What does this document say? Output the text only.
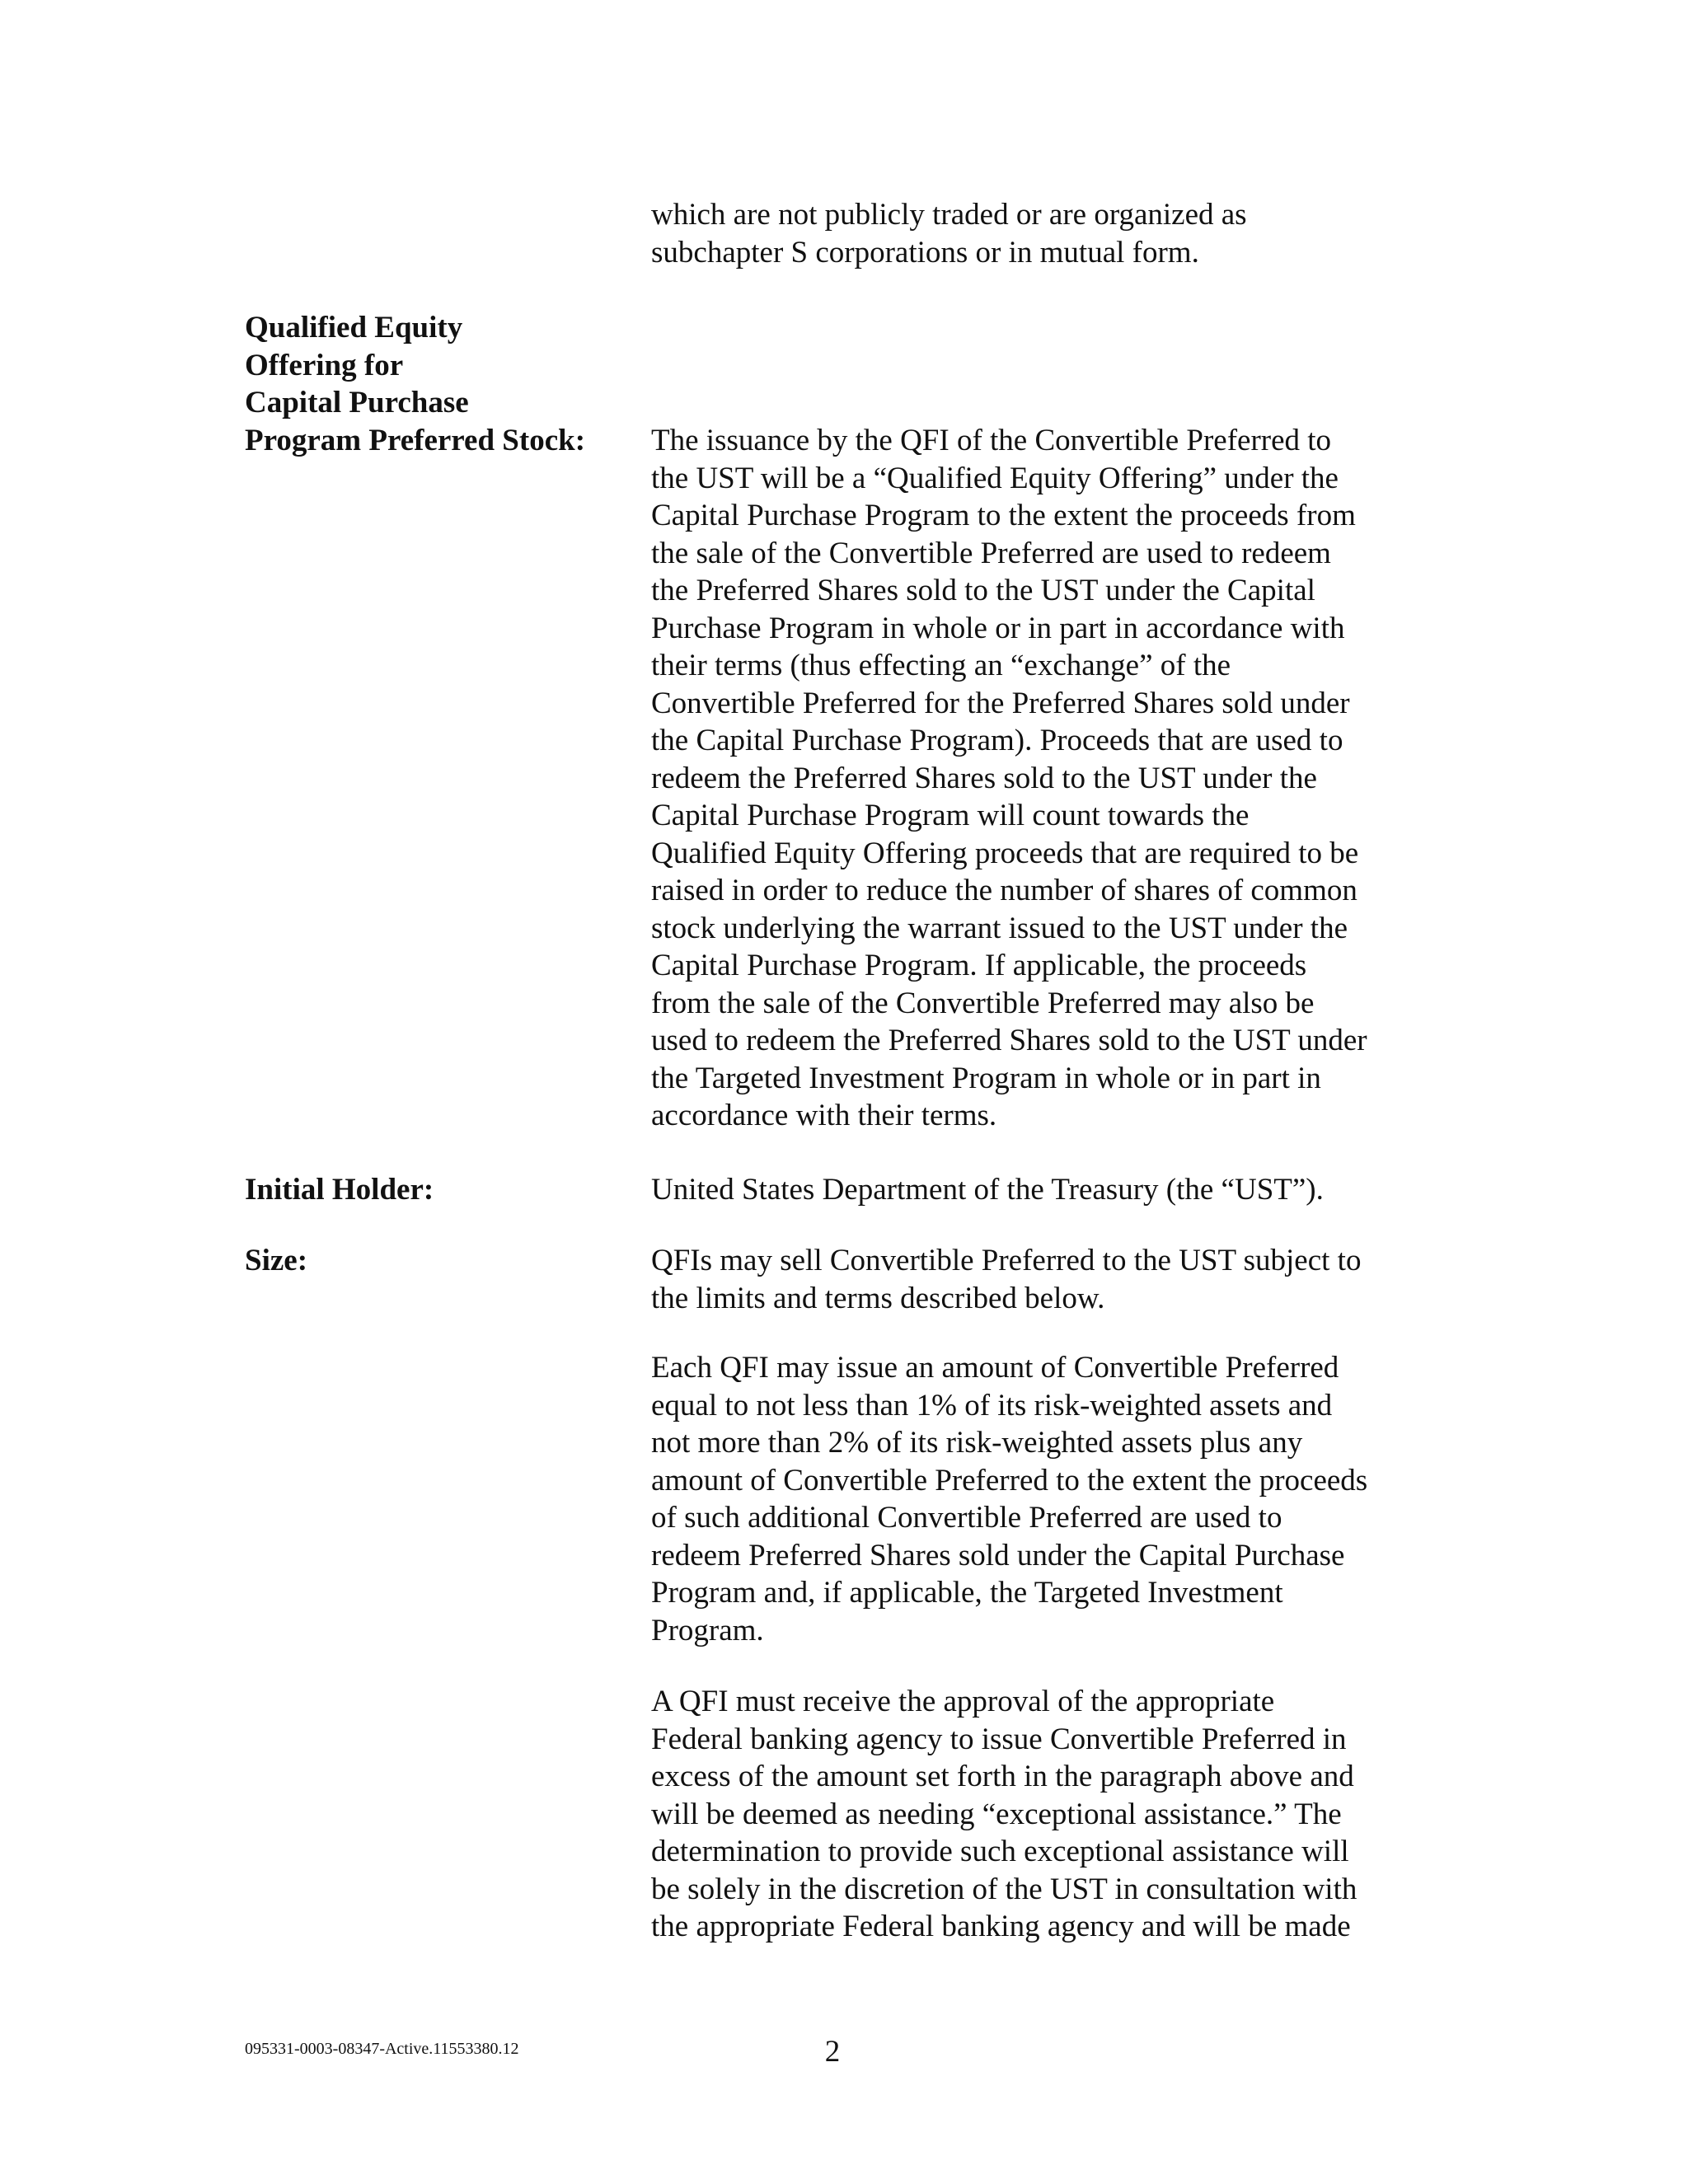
which are not publicly traded or are organized as
subchapter S corporations or in mutual form.
Qualified Equity
Offering for
Capital Purchase
Program Preferred Stock:	The issuance by the QFI of the Convertible Preferred to
the UST will be a “Qualified Equity Offering” under the
Capital Purchase Program to the extent the proceeds from
the sale of the Convertible Preferred are used to redeem
the Preferred Shares sold to the UST under the Capital
Purchase Program in whole or in part in accordance with
their terms (thus effecting an “exchange” of the
Convertible Preferred for the Preferred Shares sold under
the Capital Purchase Program). Proceeds that are used to
redeem the Preferred Shares sold to the UST under the
Capital Purchase Program will count towards the
Qualified Equity Offering proceeds that are required to be
raised in order to reduce the number of shares of common
stock underlying the warrant issued to the UST under the
Capital Purchase Program. If applicable, the proceeds
from the sale of the Convertible Preferred may also be
used to redeem the Preferred Shares sold to the UST under
the Targeted Investment Program in whole or in part in
accordance with their terms.
Initial Holder:	United States Department of the Treasury (the “UST”).
Size:	QFIs may sell Convertible Preferred to the UST subject to
the limits and terms described below.
Each QFI may issue an amount of Convertible Preferred
equal to not less than 1% of its risk-weighted assets and
not more than 2% of its risk-weighted assets plus any
amount of Convertible Preferred to the extent the proceeds
of such additional Convertible Preferred are used to
redeem Preferred Shares sold under the Capital Purchase
Program and, if applicable, the Targeted Investment
Program.
A QFI must receive the approval of the appropriate
Federal banking agency to issue Convertible Preferred in
excess of the amount set forth in the paragraph above and
will be deemed as needing “exceptional assistance.” The
determination to provide such exceptional assistance will
be solely in the discretion of the UST in consultation with
the appropriate Federal banking agency and will be made
095331-0003-08347-Active.11553380.12	2
